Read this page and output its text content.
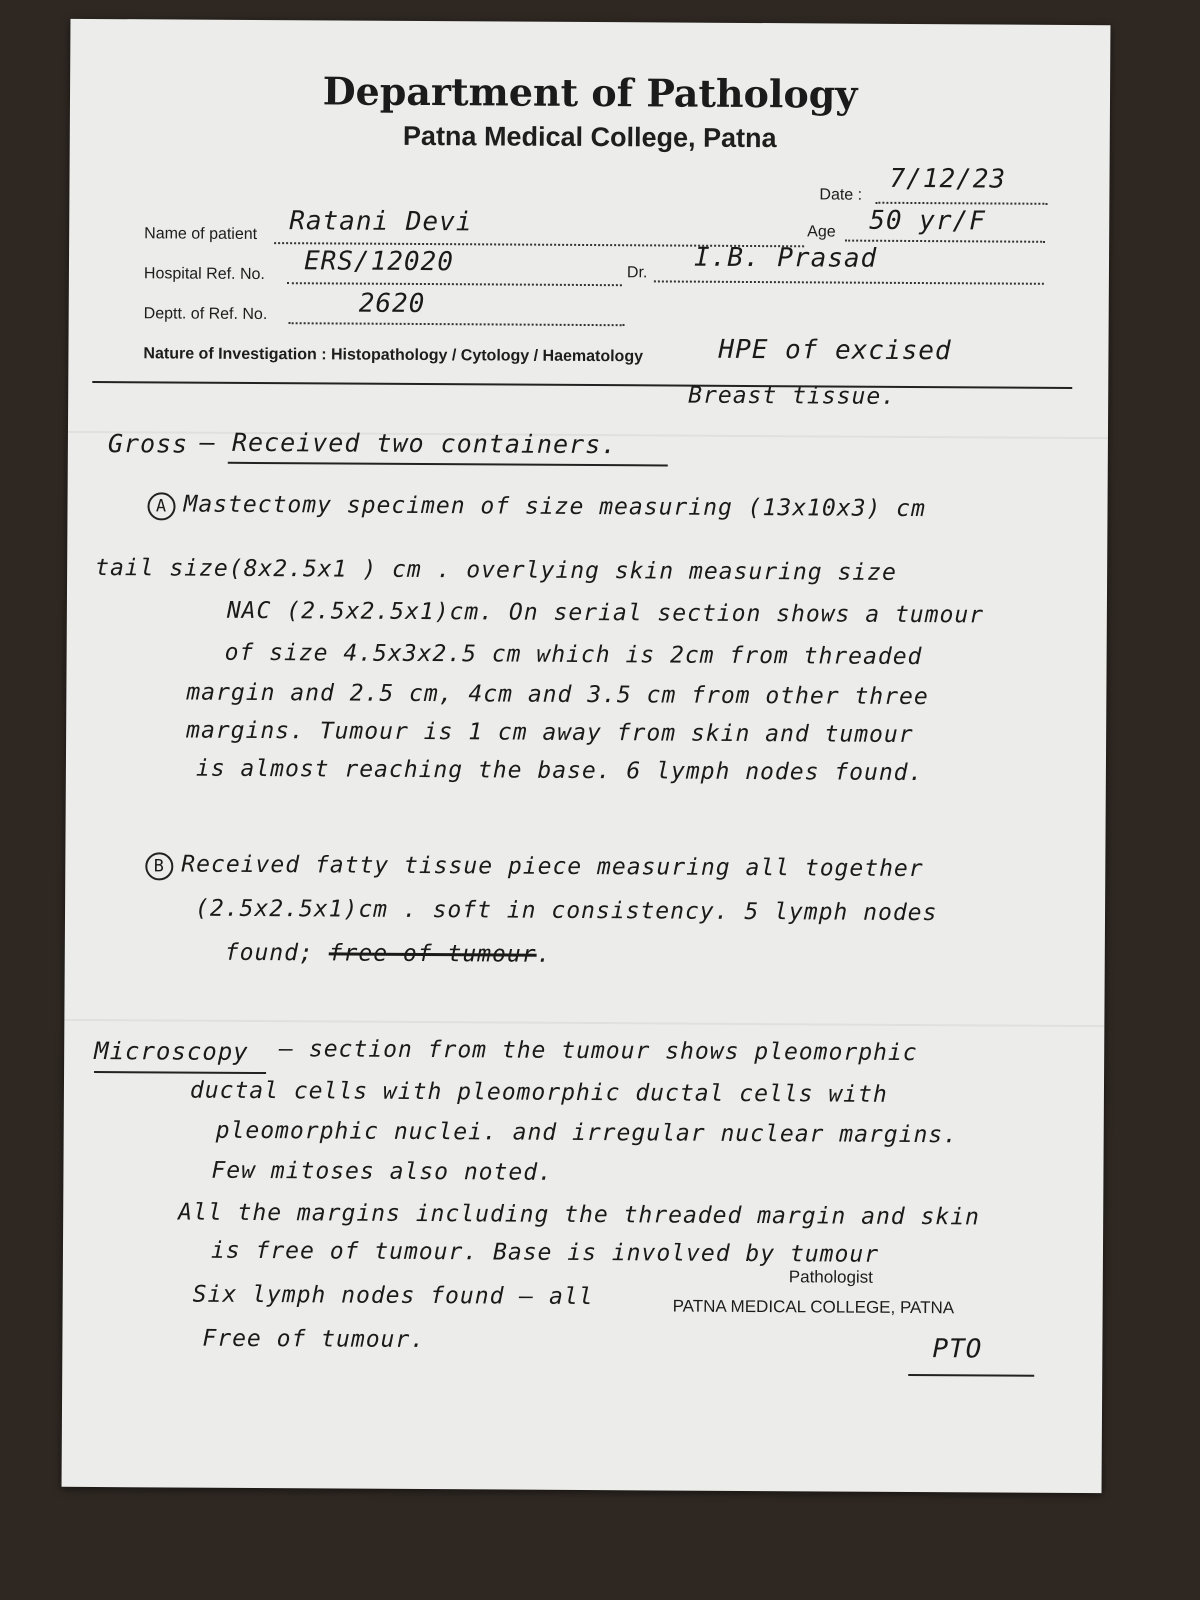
Department of Pathology
Patna Medical College, Patna
Date :
7/12/23
Name of patient Ratani Devi	Age 50 yr/F
Hospital Ref. No. ERS/12020	Dr. I.B. Prasad
Deptt. of Ref. No.	2620
Nature of Investigation : Histopathology / Cytology / Haematology	HPE of excised
Breast tissue.
Gross – Received two containers.
A Mastectomy specimen of size measuring (13x10x3) cm
tail size(8x2.5x1 ) cm . overlying skin measuring size
NAC (2.5x2.5x1)cm. On serial section shows a tumour
of size 4.5x3x2.5 cm which is 2cm from threaded
margin and 2.5 cm, 4cm and 3.5 cm from other three
margins. Tumour is 1 cm away from skin and tumour
is almost reaching the base. 6 lymph nodes found.
B Received fatty tissue piece measuring all together
(2.5x2.5x1)cm . soft in consistency. 5 lymph nodes
found; free of tumour.
Microscopy – section from the tumour shows pleomorphic
ductal cells with pleomorphic ductal cells with
pleomorphic nuclei. and irregular nuclear margins.
Few mitoses also noted.
All the margins including the threaded margin and skin
is free of tumour. Base is involved by tumour
Six lymph nodes found – all
Free of tumour.
Pathologist
PATNA MEDICAL COLLEGE, PATNA
PTO
